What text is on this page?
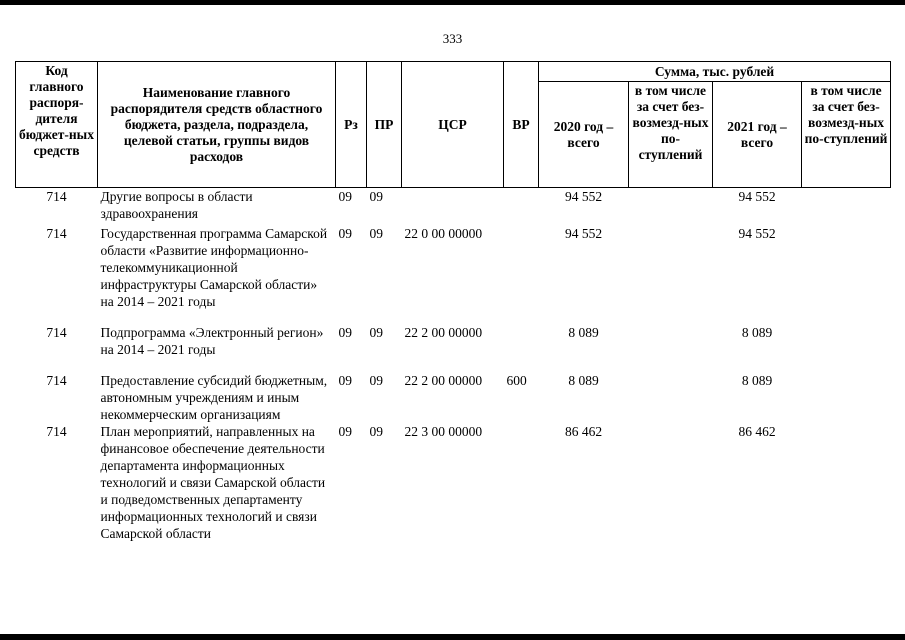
333
Код главного распоря-дителя бюджет-ных средств	Наименование главного распорядителя средств областного бюджета, раздела, подраздела, целевой статьи, группы видов расходов	Рз	ПР	ЦСР	ВР	Сумма, тыс. рублей			
						2020 год – всего	в том числе за счет без-возмезд-ных по-ступлений	2021 год – всего	в том числе за счет без-возмезд-ных по-ступлений
714	Другие вопросы в области здравоохранения	09	09			94 552		94 552	

714	Государственная программа Самарской области «Развитие информационно-телекоммуникационной инфраструктуры Самарской области» на 2014 – 2021 годы	09	09	22 0 00 00000		94 552		94 552	

714	Подпрограмма «Электронный регион» на 2014 – 2021 годы	09	09	22 2 00 00000		8 089		8 089	

714	Предоставление субсидий бюджетным, автономным учреждениям и иным некоммерческим организациям	09	09	22 2 00 00000	600	8 089		8 089	
714	План мероприятий, направленных на финансовое обеспечение деятельности департамента информационных технологий и связи Самарской области и подведомственных департаменту информационных технологий и связи Самарской области	09	09	22 3 00 00000		86 462		86 462	
